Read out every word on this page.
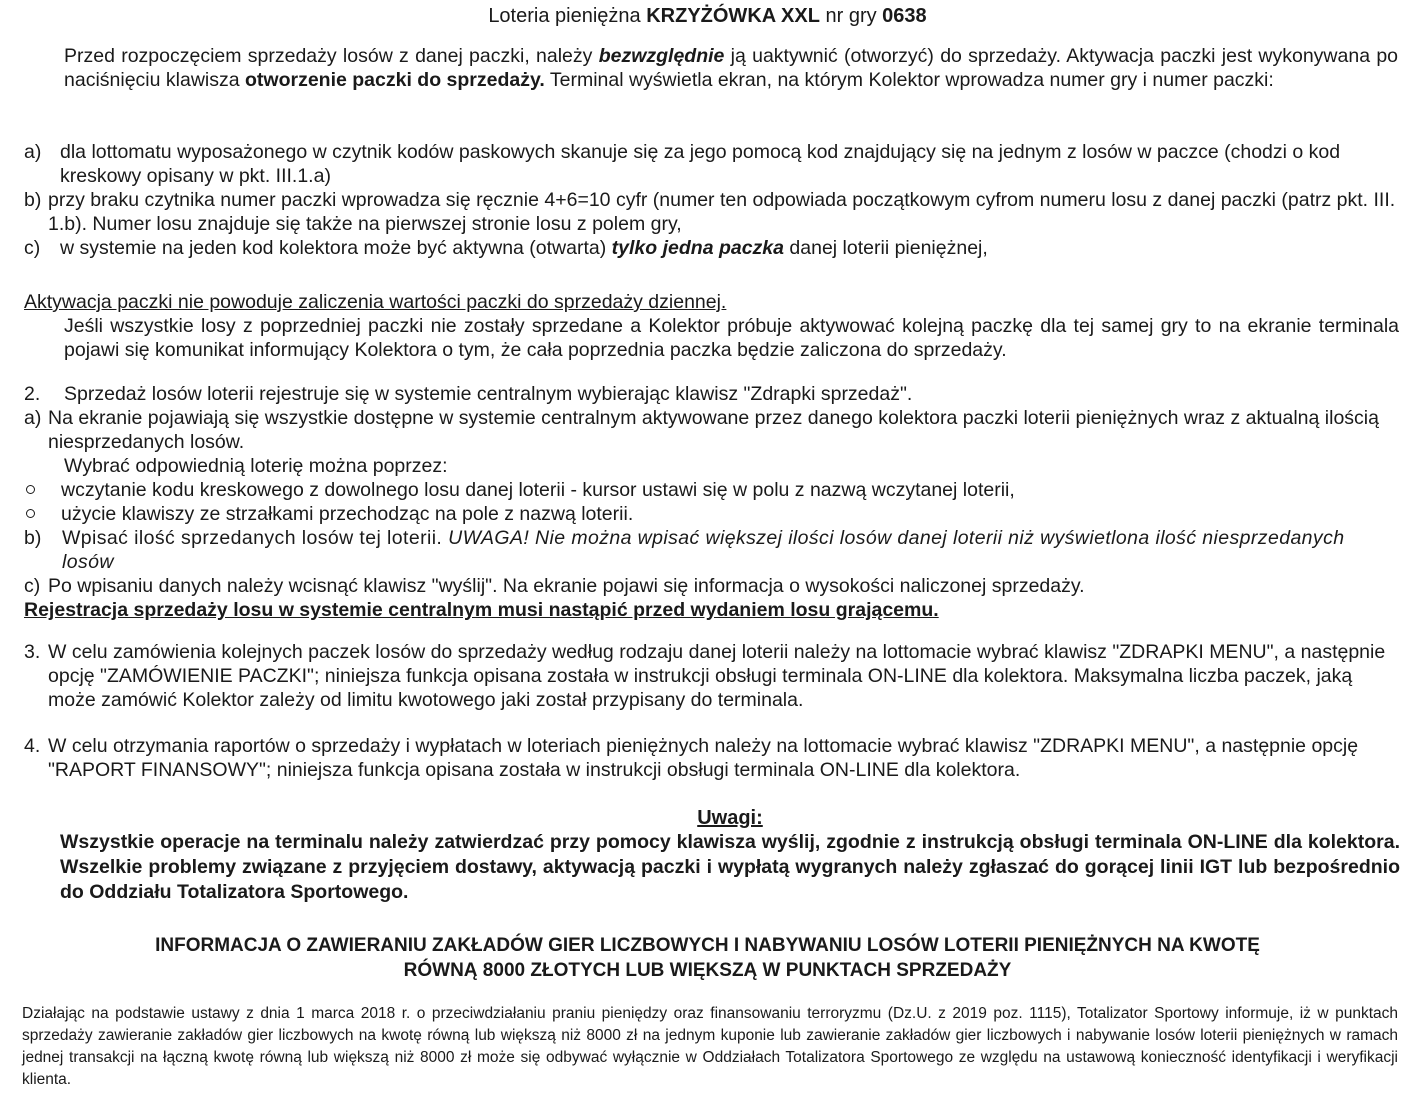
Loteria pieniężna KRZYŻÓWKA XXL nr gry 0638
Przed rozpoczęciem sprzedaży losów z danej paczki, należy bezwzględnie ją uaktywnić (otworzyć) do sprzedaży. Aktywacja paczki jest wykonywana po naciśnięciu klawisza otworzenie paczki do sprzedaży. Terminal wyświetla ekran, na którym Kolektor wprowadza numer gry i numer paczki:
a) dla lottomatu wyposażonego w czytnik kodów paskowych skanuje się za jego pomocą kod znajdujący się na jednym z losów w paczce (chodzi o kod kreskowy opisany w pkt. III.1.a)
b) przy braku czytnika numer paczki wprowadza się ręcznie 4+6=10 cyfr (numer ten odpowiada początkowym cyfrom numeru losu z danej paczki (patrz pkt. III. 1.b). Numer losu znajduje się także na pierwszej stronie losu z polem gry,
c)	w systemie na jeden kod kolektora może być aktywna (otwarta) tylko jedna paczka danej loterii pieniężnej,
Aktywacja paczki nie powoduje zaliczenia wartości paczki do sprzedaży dziennej.
Jeśli wszystkie losy z poprzedniej paczki nie zostały sprzedane a Kolektor próbuje aktywować kolejną paczkę dla tej samej gry to na ekranie terminala pojawi się komunikat informujący Kolektora o tym, że cała poprzednia paczka będzie zaliczona do sprzedaży.
2.	Sprzedaż losów loterii rejestruje się w systemie centralnym wybierając klawisz "Zdrapki sprzedaż".
a) Na ekranie pojawiają się wszystkie dostępne w systemie centralnym aktywowane przez danego kolektora paczki loterii pieniężnych wraz z aktualną ilością niesprzedanych losów.
Wybrać odpowiednią loterię można poprzez:
wczytanie kodu kreskowego z dowolnego losu danej loterii - kursor ustawi się w polu z nazwą wczytanej loterii,
użycie klawiszy ze strzałkami przechodząc na pole z nazwą loterii.
b)	Wpisać ilość sprzedanych losów tej loterii. UWAGA! Nie można wpisać większej ilości losów danej loterii niż wyświetlona ilość niesprzedanych losów
c) Po wpisaniu danych należy wcisnąć klawisz "wyślij". Na ekranie pojawi się informacja o wysokości naliczonej sprzedaży.
Rejestracja sprzedaży losu w systemie centralnym musi nastąpić przed wydaniem losu grającemu.
3. W celu zamówienia kolejnych paczek losów do sprzedaży według rodzaju danej loterii należy na lottomacie wybrać klawisz "ZDRAPKI MENU", a następnie opcję "ZAMÓWIENIE PACZKI"; niniejsza funkcja opisana została w instrukcji obsługi terminala ON-LINE dla kolektora. Maksymalna liczba paczek, jaką może zamówić Kolektor zależy od limitu kwotowego jaki został przypisany do terminala.
4. W celu otrzymania raportów o sprzedaży i wypłatach w loteriach pieniężnych należy na lottomacie wybrać klawisz "ZDRAPKI MENU", a następnie opcję "RAPORT FINANSOWY"; niniejsza funkcja opisana została w instrukcji obsługi terminala ON-LINE dla kolektora.
Uwagi:
Wszystkie operacje na terminalu należy zatwierdzać przy pomocy klawisza wyślij, zgodnie z instrukcją obsługi terminala ON-LINE dla kolektora. Wszelkie problemy związane z przyjęciem dostawy, aktywacją paczki i wypłatą wygranych należy zgłaszać do gorącej linii IGT lub bezpośrednio do Oddziału Totalizatora Sportowego.
INFORMACJA O ZAWIERANIU ZAKŁADÓW GIER LICZBOWYCH I NABYWANIU LOSÓW LOTERII PIENIĘŻNYCH NA KWOTĘ
RÓWNĄ 8000 ZŁOTYCH LUB WIĘKSZĄ W PUNKTACH SPRZEDAŻY
Działając na podstawie ustawy z dnia 1 marca 2018 r. o przeciwdziałaniu praniu pieniędzy oraz finansowaniu terroryzmu (Dz.U. z 2019 poz. 1115), Totalizator Sportowy informuje, iż w punktach sprzedaży zawieranie zakładów gier liczbowych na kwotę równą lub większą niż 8000 zł na jednym kuponie lub zawieranie zakładów gier liczbowych i nabywanie losów loterii pieniężnych w ramach jednej transakcji na łączną kwotę równą lub większą niż 8000 zł może się odbywać wyłącznie w Oddziałach Totalizatora Sportowego ze względu na ustawową konieczność identyfikacji i weryfikacji klienta.
